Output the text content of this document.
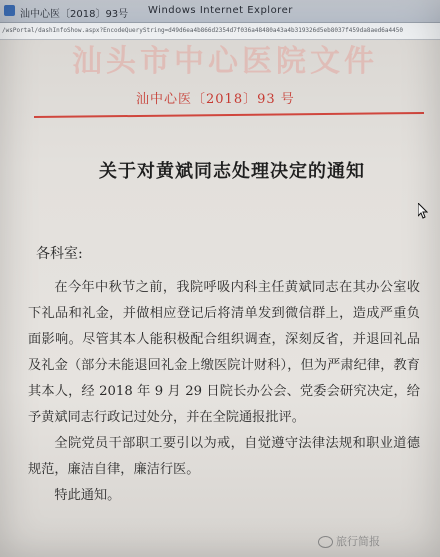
汕中心医〔2018〕93号 Windows Internet Explorer
/wsPortal/dashInfoShow.aspx?EncodeQueryString=d49d6ea4b866d2354d7f036a48480a43a4b319326d5eb8037f459da8aed6a4450
汕头市中心医院文件
汕中心医〔2018〕93 号
关于对黄斌同志处理决定的通知
各科室:

在今年中秋节之前，我院呼吸内科主任黄斌同志在其办公室收下礼品和礼金，并做相应登记后将清单发到微信群上，造成严重负面影响。尽管其本人能积极配合组织调查，深刻反省，并退回礼品及礼金（部分未能退回礼金上缴医院计财科），但为严肃纪律，教育其本人，经 2018 年 9 月 29 日院长办公会、党委会研究决定，给予黄斌同志行政记过处分，并在全院通报批评。

全院党员干部职工要引以为戒，自觉遵守法律法规和职业道德规范，廉洁自律，廉洁行医。

特此通知。

旅行简报
